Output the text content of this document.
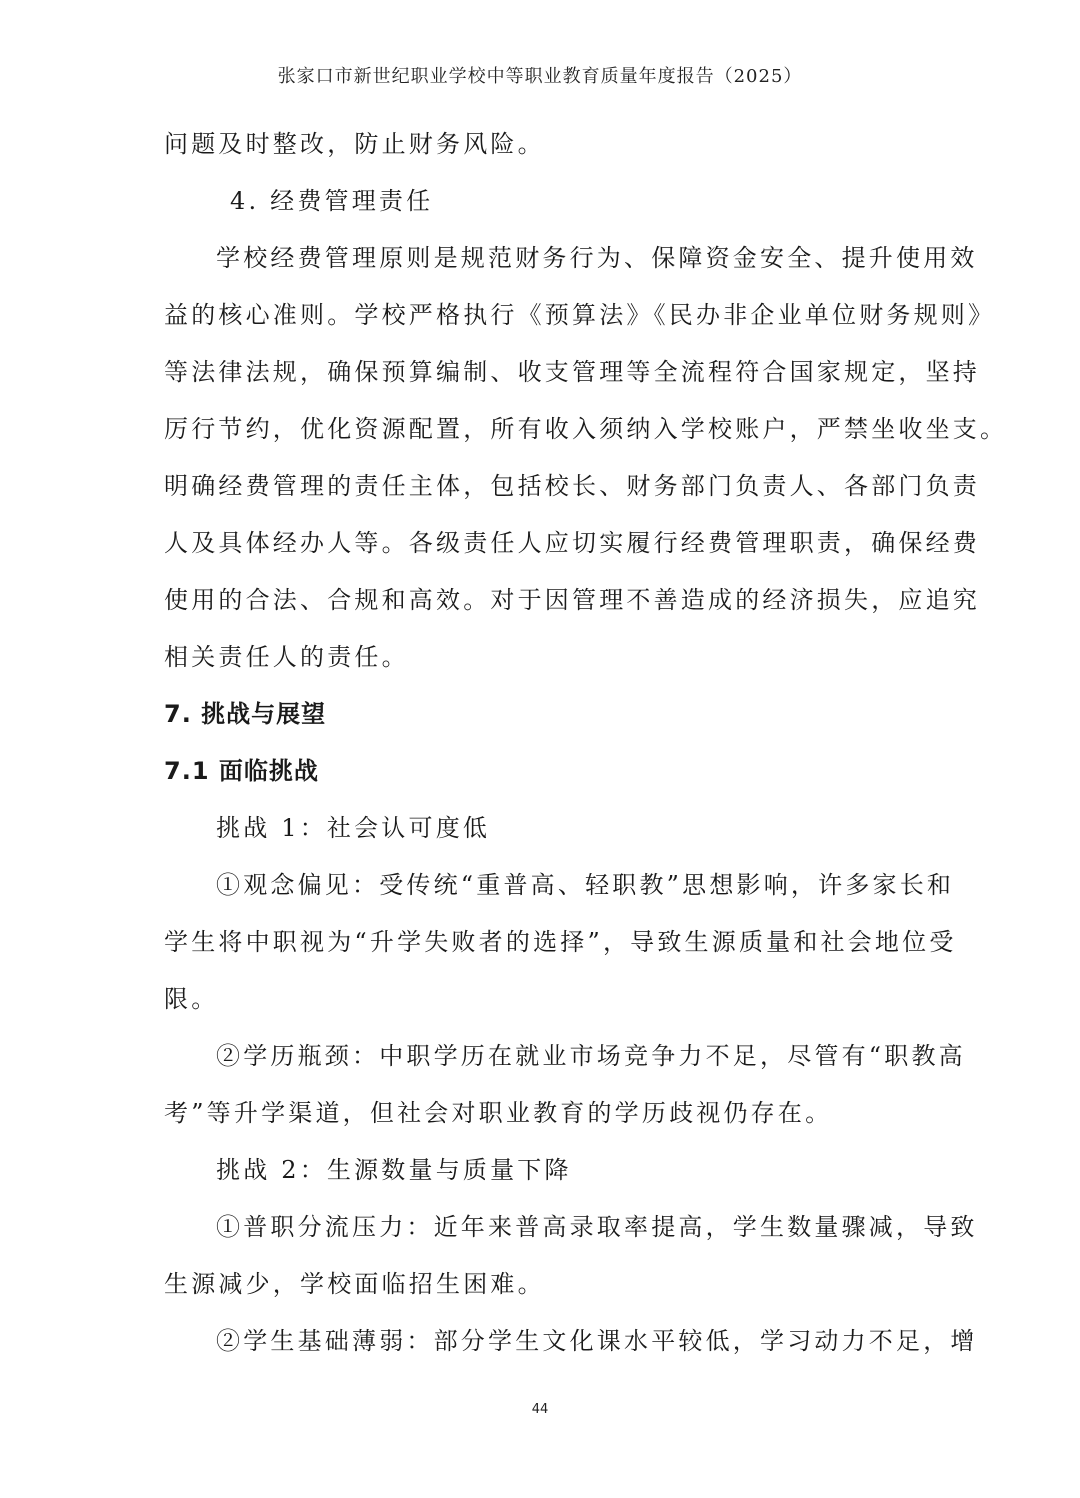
张家口市新世纪职业学校中等职业教育质量年度报告（2025）
问题及时整改，防止财务风险。
4. 经费管理责任
学校经费管理原则是规范财务行为、保障资金安全、提升使用效
益的核心准则。学校严格执行《预算法》《民办非企业单位财务规则》
等法律法规，确保预算编制、收支管理等全流程符合国家规定，坚持
厉行节约，优化资源配置，所有收入须纳入学校账户，严禁坐收坐支。
明确经费管理的责任主体，包括校长、财务部门负责人、各部门负责
人及具体经办人等。各级责任人应切实履行经费管理职责，确保经费
使用的合法、合规和高效。对于因管理不善造成的经济损失，应追究
相关责任人的责任。
7. 挑战与展望
7.1 面临挑战
挑战 1：社会认可度低
①观念偏见：受传统“重普高、轻职教”思想影响，许多家长和
学生将中职视为“升学失败者的选择”，导致生源质量和社会地位受
限。
②学历瓶颈：中职学历在就业市场竞争力不足，尽管有“职教高
考”等升学渠道，但社会对职业教育的学历歧视仍存在。
挑战 2：生源数量与质量下降
①普职分流压力：近年来普高录取率提高，学生数量骤减，导致
生源减少，学校面临招生困难。
②学生基础薄弱：部分学生文化课水平较低，学习动力不足，增
44
